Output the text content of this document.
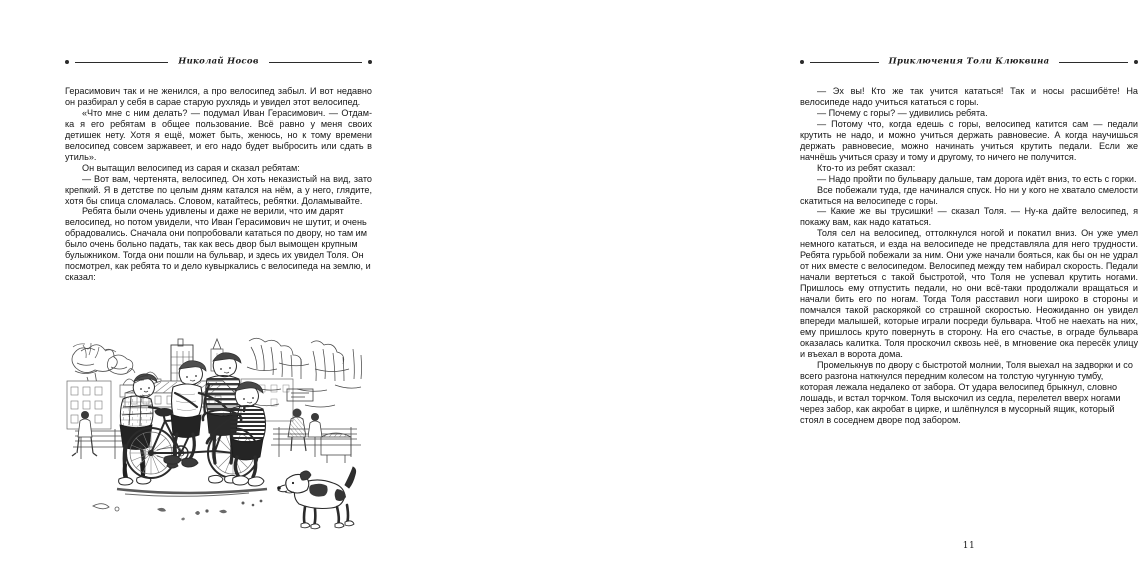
Николай Носов

Герасимович так и не женился, а про велосипед забыл. И вот недавно он разбирал у себя в сарае старую рухлядь и увидел этот велосипед.

«Что мне с ним делать? — подумал Иван Герасимович. — Отдам-ка я его ребятам в общее пользование. Всё равно у меня своих детишек нету. Хотя я ещё, может быть, женюсь, но к тому времени велосипед совсем заржавеет, и его надо будет выбросить или сдать в утиль».

Он вытащил велосипед из сарая и сказал ребятам:

— Вот вам, чертенята, велосипед. Он хоть неказистый на вид, зато крепкий. Я в детстве по целым дням катался на нём, а у него, глядите, хотя бы спица сломалась. Словом, катайтесь, ребятки. Доламывайте.

Ребята были очень удивлены и даже не верили, что им дарят велосипед, но потом увидели, что Иван Герасимович не шутит, и очень обрадовались. Сначала они попробовали кататься по двору, но там им было очень больно падать, так как весь двор был вымощен крупным булыжником. Тогда они пошли на бульвар, и здесь их увидел Толя. Он посмотрел, как ребята то и дело кувыркались с велосипеда на землю, и сказал:

Приключения Толи Клюквина

— Эх вы! Кто же так учится кататься! Так и носы расшибёте! На велосипеде надо учиться кататься с горы.

— Почему с горы? — удивились ребята.

— Потому что, когда едешь с горы, велосипед катится сам — педали крутить не надо, и можно учиться держать равновесие. А когда научишься держать равновесие, можно начинать учиться крутить педали. Если же начнёшь учиться сразу и тому и другому, то ничего не получится.

Кто-то из ребят сказал:

— Надо пройти по бульвару дальше, там дорога идёт вниз, то есть с горки.

Все побежали туда, где начинался спуск. Но ни у кого не хватало смелости скатиться на велосипеде с горы.

— Какие же вы трусишки! — сказал Толя. — Ну-ка дайте велосипед, я покажу вам, как надо кататься.

Толя сел на велосипед, оттолкнулся ногой и покатил вниз. Он уже умел немного кататься, и езда на велосипеде не представляла для него трудности. Ребята гурьбой побежали за ним. Они уже начали бояться, как бы он не удрал от них вместе с велосипедом. Велосипед между тем набирал скорость. Педали начали вертеться с такой быстротой, что Толя не успевал крутить ногами. Пришлось ему отпустить педали, но они всё-таки продолжали вращаться и начали бить его по ногам. Тогда Толя расставил ноги широко в стороны и помчался такой раскорякой со страшной скоростью. Неожиданно он увидел впереди малышей, которые играли посреди бульвара. Чтоб не наехать на них, ему пришлось круто повернуть в сторону. На его счастье, в ограде бульвара оказалась калитка. Толя проскочил сквозь неё, в мгновение ока пересёк улицу и въехал в ворота дома.

Промелькнув по двору с быстротой молнии, Толя выехал на задворки и со всего разгона наткнулся передним колесом на толстую чугунную тумбу, которая лежала недалеко от забора. От удара велосипед брыкнул, словно лошадь, и встал торчком. Толя выскочил из седла, перелетел вверх ногами через забор, как акробат в цирке, и шлёпнулся в мусорный ящик, который стоял в соседнем дворе под забором.

11
